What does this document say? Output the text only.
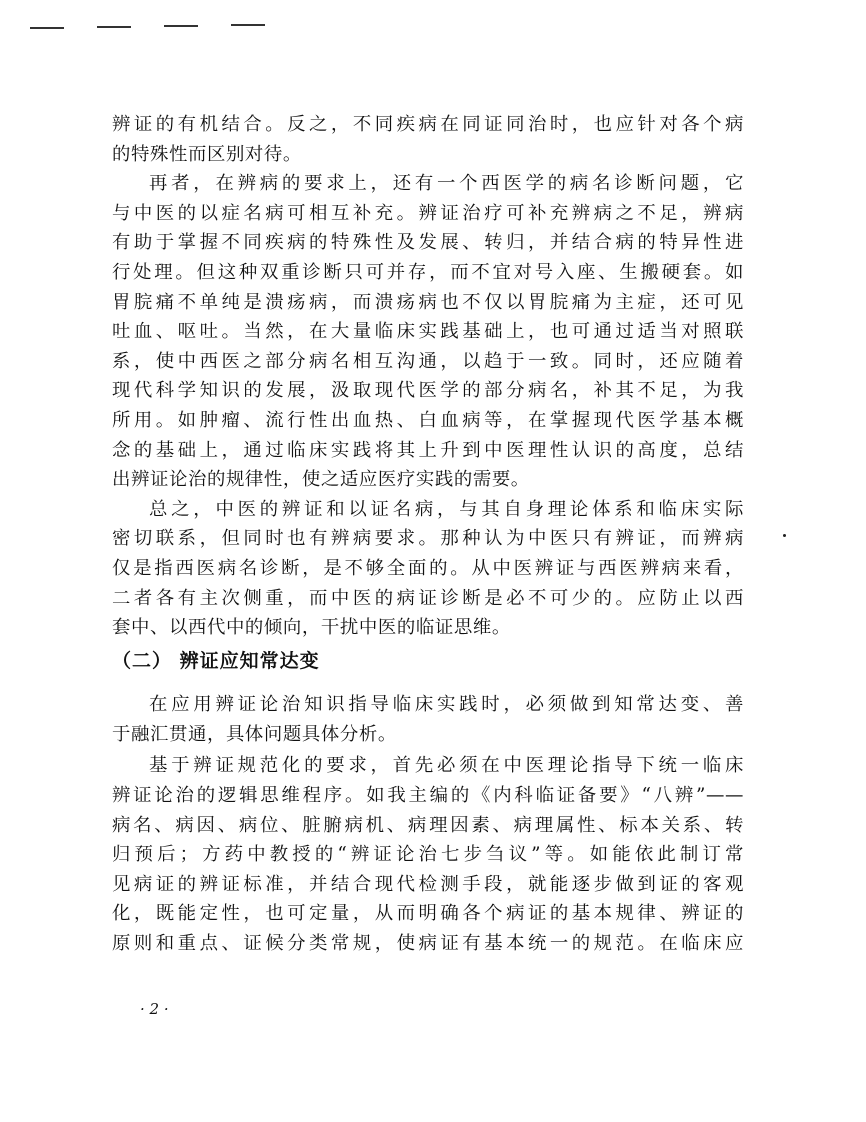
辨证的有机结合。反之，不同疾病在同证同治时，也应针对各个病
的特殊性而区别对待。
再者，在辨病的要求上，还有一个西医学的病名诊断问题，它
与中医的以症名病可相互补充。辨证治疗可补充辨病之不足，辨病
有助于掌握不同疾病的特殊性及发展、转归，并结合病的特异性进
行处理。但这种双重诊断只可并存，而不宜对号入座、生搬硬套。如
胃脘痛不单纯是溃疡病，而溃疡病也不仅以胃脘痛为主症，还可见
吐血、呕吐。当然，在大量临床实践基础上，也可通过适当对照联
系，使中西医之部分病名相互沟通，以趋于一致。同时，还应随着
现代科学知识的发展，汲取现代医学的部分病名，补其不足，为我
所用。如肿瘤、流行性出血热、白血病等，在掌握现代医学基本概
念的基础上，通过临床实践将其上升到中医理性认识的高度，总结
出辨证论治的规律性，使之适应医疗实践的需要。
总之，中医的辨证和以证名病，与其自身理论体系和临床实际
密切联系，但同时也有辨病要求。那种认为中医只有辨证，而辨病
仅是指西医病名诊断，是不够全面的。从中医辨证与西医辨病来看，
二者各有主次侧重，而中医的病证诊断是必不可少的。应防止以西
套中、以西代中的倾向，干扰中医的临证思维。
（二） 辨证应知常达变
在应用辨证论治知识指导临床实践时，必须做到知常达变、善
于融汇贯通，具体问题具体分析。
基于辨证规范化的要求，首先必须在中医理论指导下统一临床
辨证论治的逻辑思维程序。如我主编的《内科临证备要》“八辨”——
病名、病因、病位、脏腑病机、病理因素、病理属性、标本关系、转
归预后；方药中教授的“辨证论治七步刍议”等。如能依此制订常
见病证的辨证标准，并结合现代检测手段，就能逐步做到证的客观
化，既能定性，也可定量，从而明确各个病证的基本规律、辨证的
原则和重点、证候分类常规，使病证有基本统一的规范。在临床应
· 2 ·
